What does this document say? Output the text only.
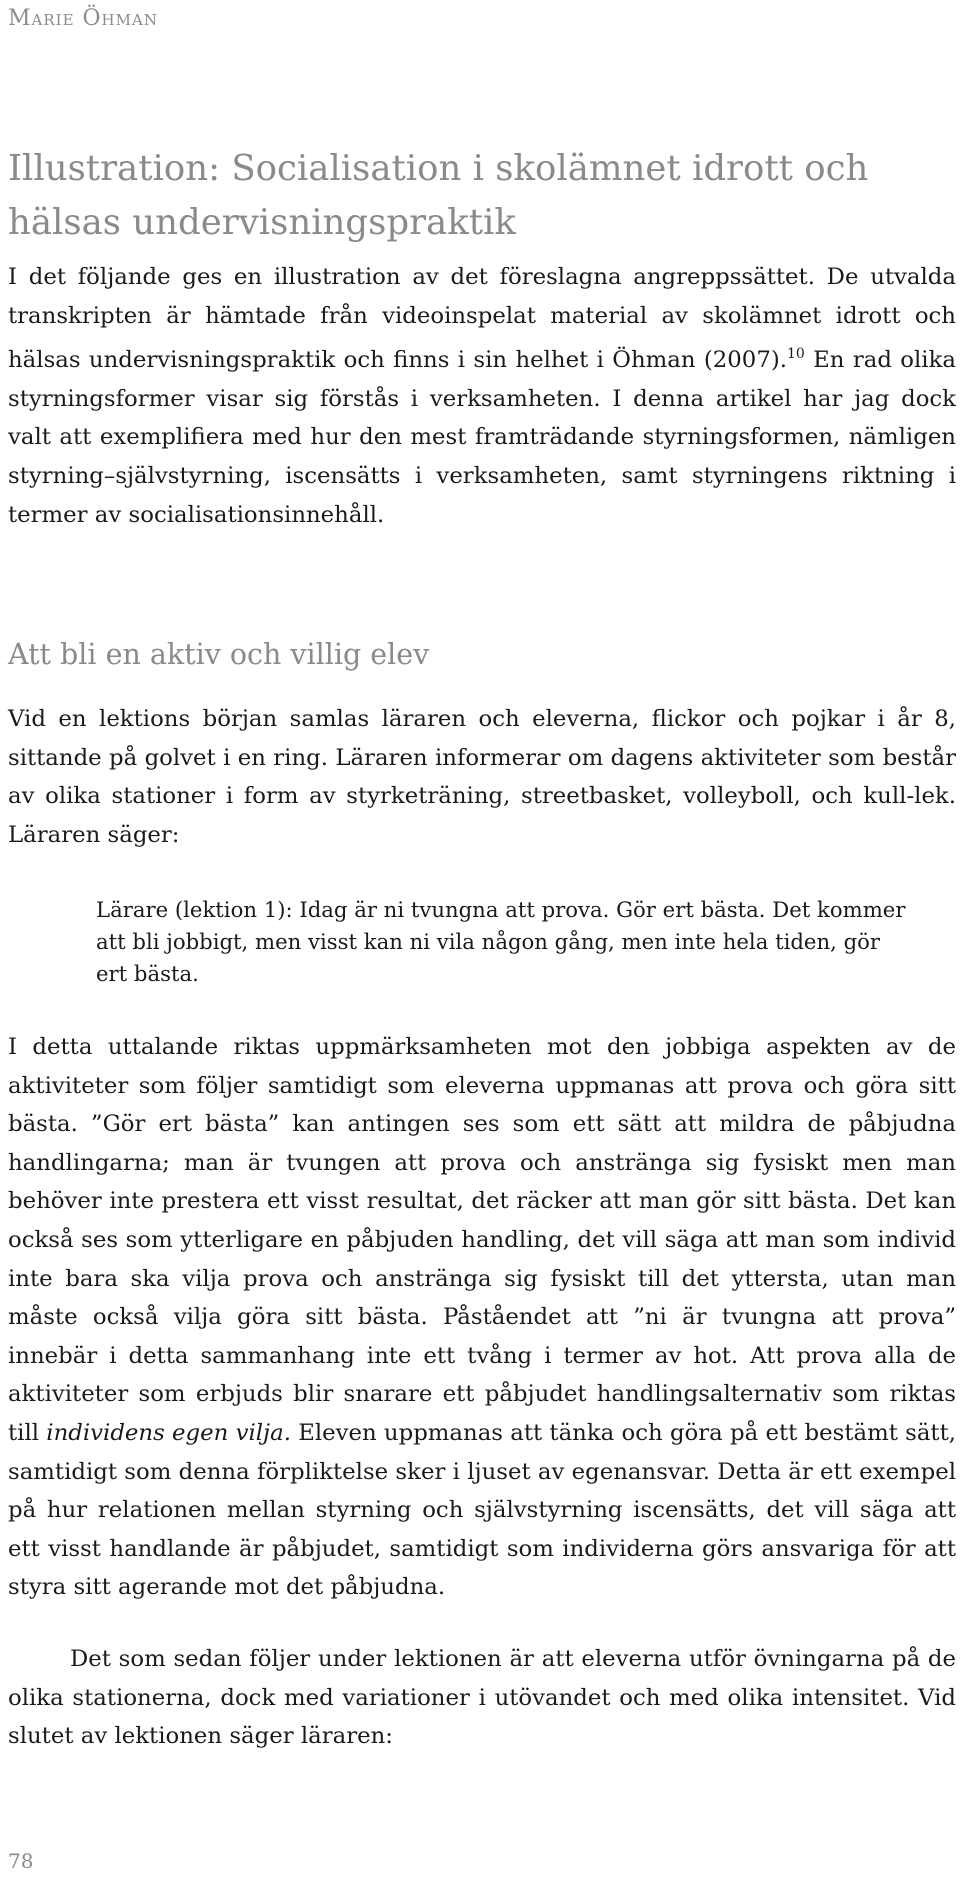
Marie Öhman
Illustration: Socialisation i skolämnet idrott och hälsas undervisningspraktik

I det följande ges en illustration av det föreslagna angreppssättet. De utvalda transkripten är hämtade från videoinspelat material av skolämnet idrott och hälsas undervisningspraktik och finns i sin helhet i Öhman (2007).$^{10}$ En rad olika styrningsformer visar sig förstås i verksamheten. I denna artikel har jag dock valt att exemplifiera med hur den mest framträdande styrningsformen, nämligen styrning–självstyrning, iscensätts i verksamheten, samt styrningens riktning i termer av socialisationsinnehåll.

Att bli en aktiv och villig elev

Vid en lektions början samlas läraren och eleverna, flickor och pojkar i år 8, sittande på golvet i en ring. Läraren informerar om dagens aktiviteter som består av olika stationer i form av styrketräning, streetbasket, volleyboll, och kull-lek. Läraren säger:

Lärare (lektion 1): Idag är ni tvungna att prova. Gör ert bästa. Det kommer att bli jobbigt, men visst kan ni vila någon gång, men inte hela tiden, gör ert bästa.

I detta uttalande riktas uppmärksamheten mot den jobbiga aspekten av de aktiviteter som följer samtidigt som eleverna uppmanas att prova och göra sitt bästa. ”Gör ert bästa” kan antingen ses som ett sätt att mildra de påbjudna handlingarna; man är tvungen att prova och anstränga sig fysiskt men man behöver inte prestera ett visst resultat, det räcker att man gör sitt bästa. Det kan också ses som ytterligare en påbjuden handling, det vill säga att man som individ inte bara ska vilja prova och anstränga sig fysiskt till det yttersta, utan man måste också vilja göra sitt bästa. Påståendet att ”ni är tvungna att prova” innebär i detta sammanhang inte ett tvång i termer av hot. Att prova alla de aktiviteter som erbjuds blir snarare ett påbjudet handlingsalternativ som riktas till individens egen vilja. Eleven uppmanas att tänka och göra på ett bestämt sätt, samtidigt som denna förpliktelse sker i ljuset av egenansvar. Detta är ett exempel på hur relationen mellan styrning och självstyrning iscensätts, det vill säga att ett visst handlande är påbjudet, samtidigt som individerna görs ansvariga för att styra sitt agerande mot det påbjudna.

Det som sedan följer under lektionen är att eleverna utför övningarna på de olika stationerna, dock med variationer i utövandet och med olika intensitet. Vid slutet av lektionen säger läraren:

78
